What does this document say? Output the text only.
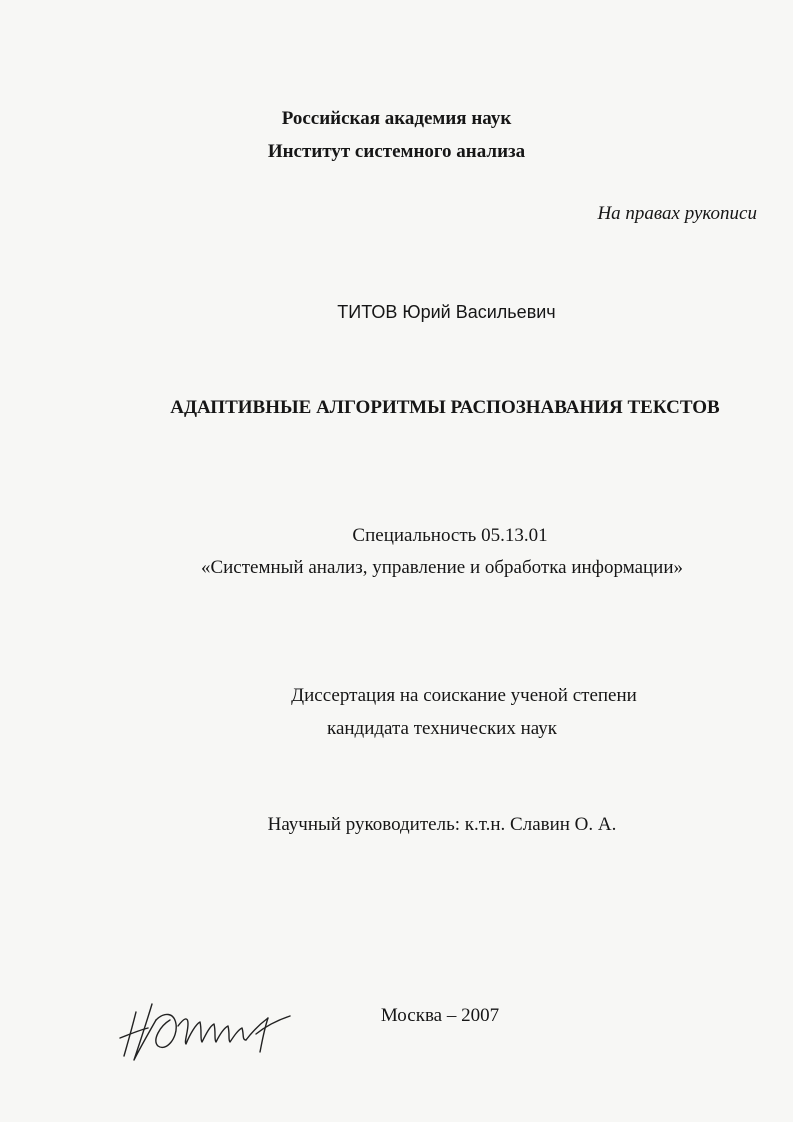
Российская академия наук
Институт системного анализа
На правах рукописи
ТИТОВ Юрий Васильевич
АДАПТИВНЫЕ АЛГОРИТМЫ РАСПОЗНАВАНИЯ ТЕКСТОВ
Специальность 05.13.01
«Системный анализ, управление и обработка информации»
Диссертация на соискание ученой степени
кандидата технических наук
Научный руководитель: к.т.н. Славин О. А.
Москва – 2007
